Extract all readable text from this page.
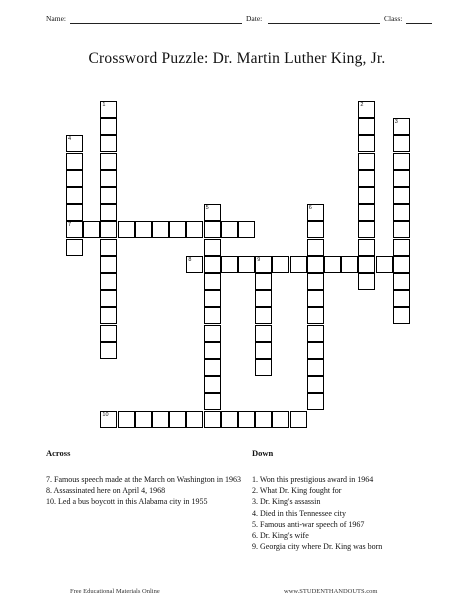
Name:	Date:	Class:
Crossword Puzzle: Dr. Martin Luther King, Jr.
1	2
3
4
7
5	6
8	9
10
Across	Down
7. Famous speech made at the March on Washington in 1963
8. Assassinated here on April 4, 1968
10. Led a bus boycott in this Alabama city in 1955
1. Won this prestigious award in 1964
2. What Dr. King fought for
3. Dr. King's assassin
4. Died in this Tennessee city
5. Famous anti-war speech of 1967
6. Dr. King's wife
9. Georgia city where Dr. King was born
Free Educational Materials Online	www.STUDENTHANDOUTS.com
